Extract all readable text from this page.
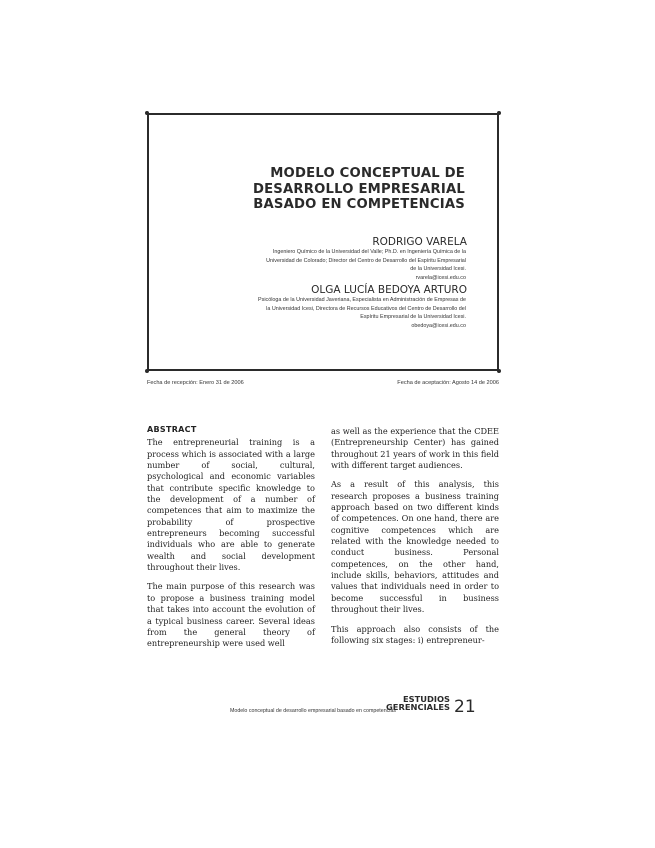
MODELO CONCEPTUAL DE
DESARROLLO EMPRESARIAL
BASADO EN COMPETENCIAS
RODRIGO VARELA
Ingeniero Químico de la Universidad del Valle; Ph.D. en Ingeniería Química de la
Universidad de Colorado; Director del Centro de Desarrollo del Espíritu Empresarial
de la Universidad Icesi.
rvarela@icesi.edu.co
OLGA LUCÍA BEDOYA ARTURO
Psicóloga de la Universidad Javeriana, Especialista en Administración de Empresas de
la Universidad Icesi, Directora de Recursos Educativos del Centro de Desarrollo del
Espíritu Empresarial de la Universidad Icesi.
obedoya@icesi.edu.co
Fecha de recepción: Enero 31 de 2006	Fecha de aceptación: Agosto 14 de 2006
ABSTRACT

The entrepreneurial training is a process which is associated with a large number of social, cultural, psychological and economic variables that contribute specific knowledge to the development of a number of competences that aim to maximize the probability of prospective entrepreneurs becoming successful individuals who are able to generate wealth and social development throughout their lives.

The main purpose of this research was to propose a business training model that takes into account the evolution of a typical business career. Several ideas from the general theory of entrepreneurship were used well

as well as the experience that the CDEE (Entrepreneurship Center) has gained throughout 21 years of work in this field with different target audiences.

As a result of this analysis, this research proposes a business training approach based on two different kinds of competences. On one hand, there are cognitive competences which are related with the knowledge needed to conduct business. Personal competences, on the other hand, include skills, behaviors, attitudes and values that individuals need in order to become successful in business throughout their lives.

This approach also consists of the following six stages: i) entrepreneur-

Modelo conceptual de desarrollo empresarial basado en competencias
ESTUDIOS
GERENCIALES 21
